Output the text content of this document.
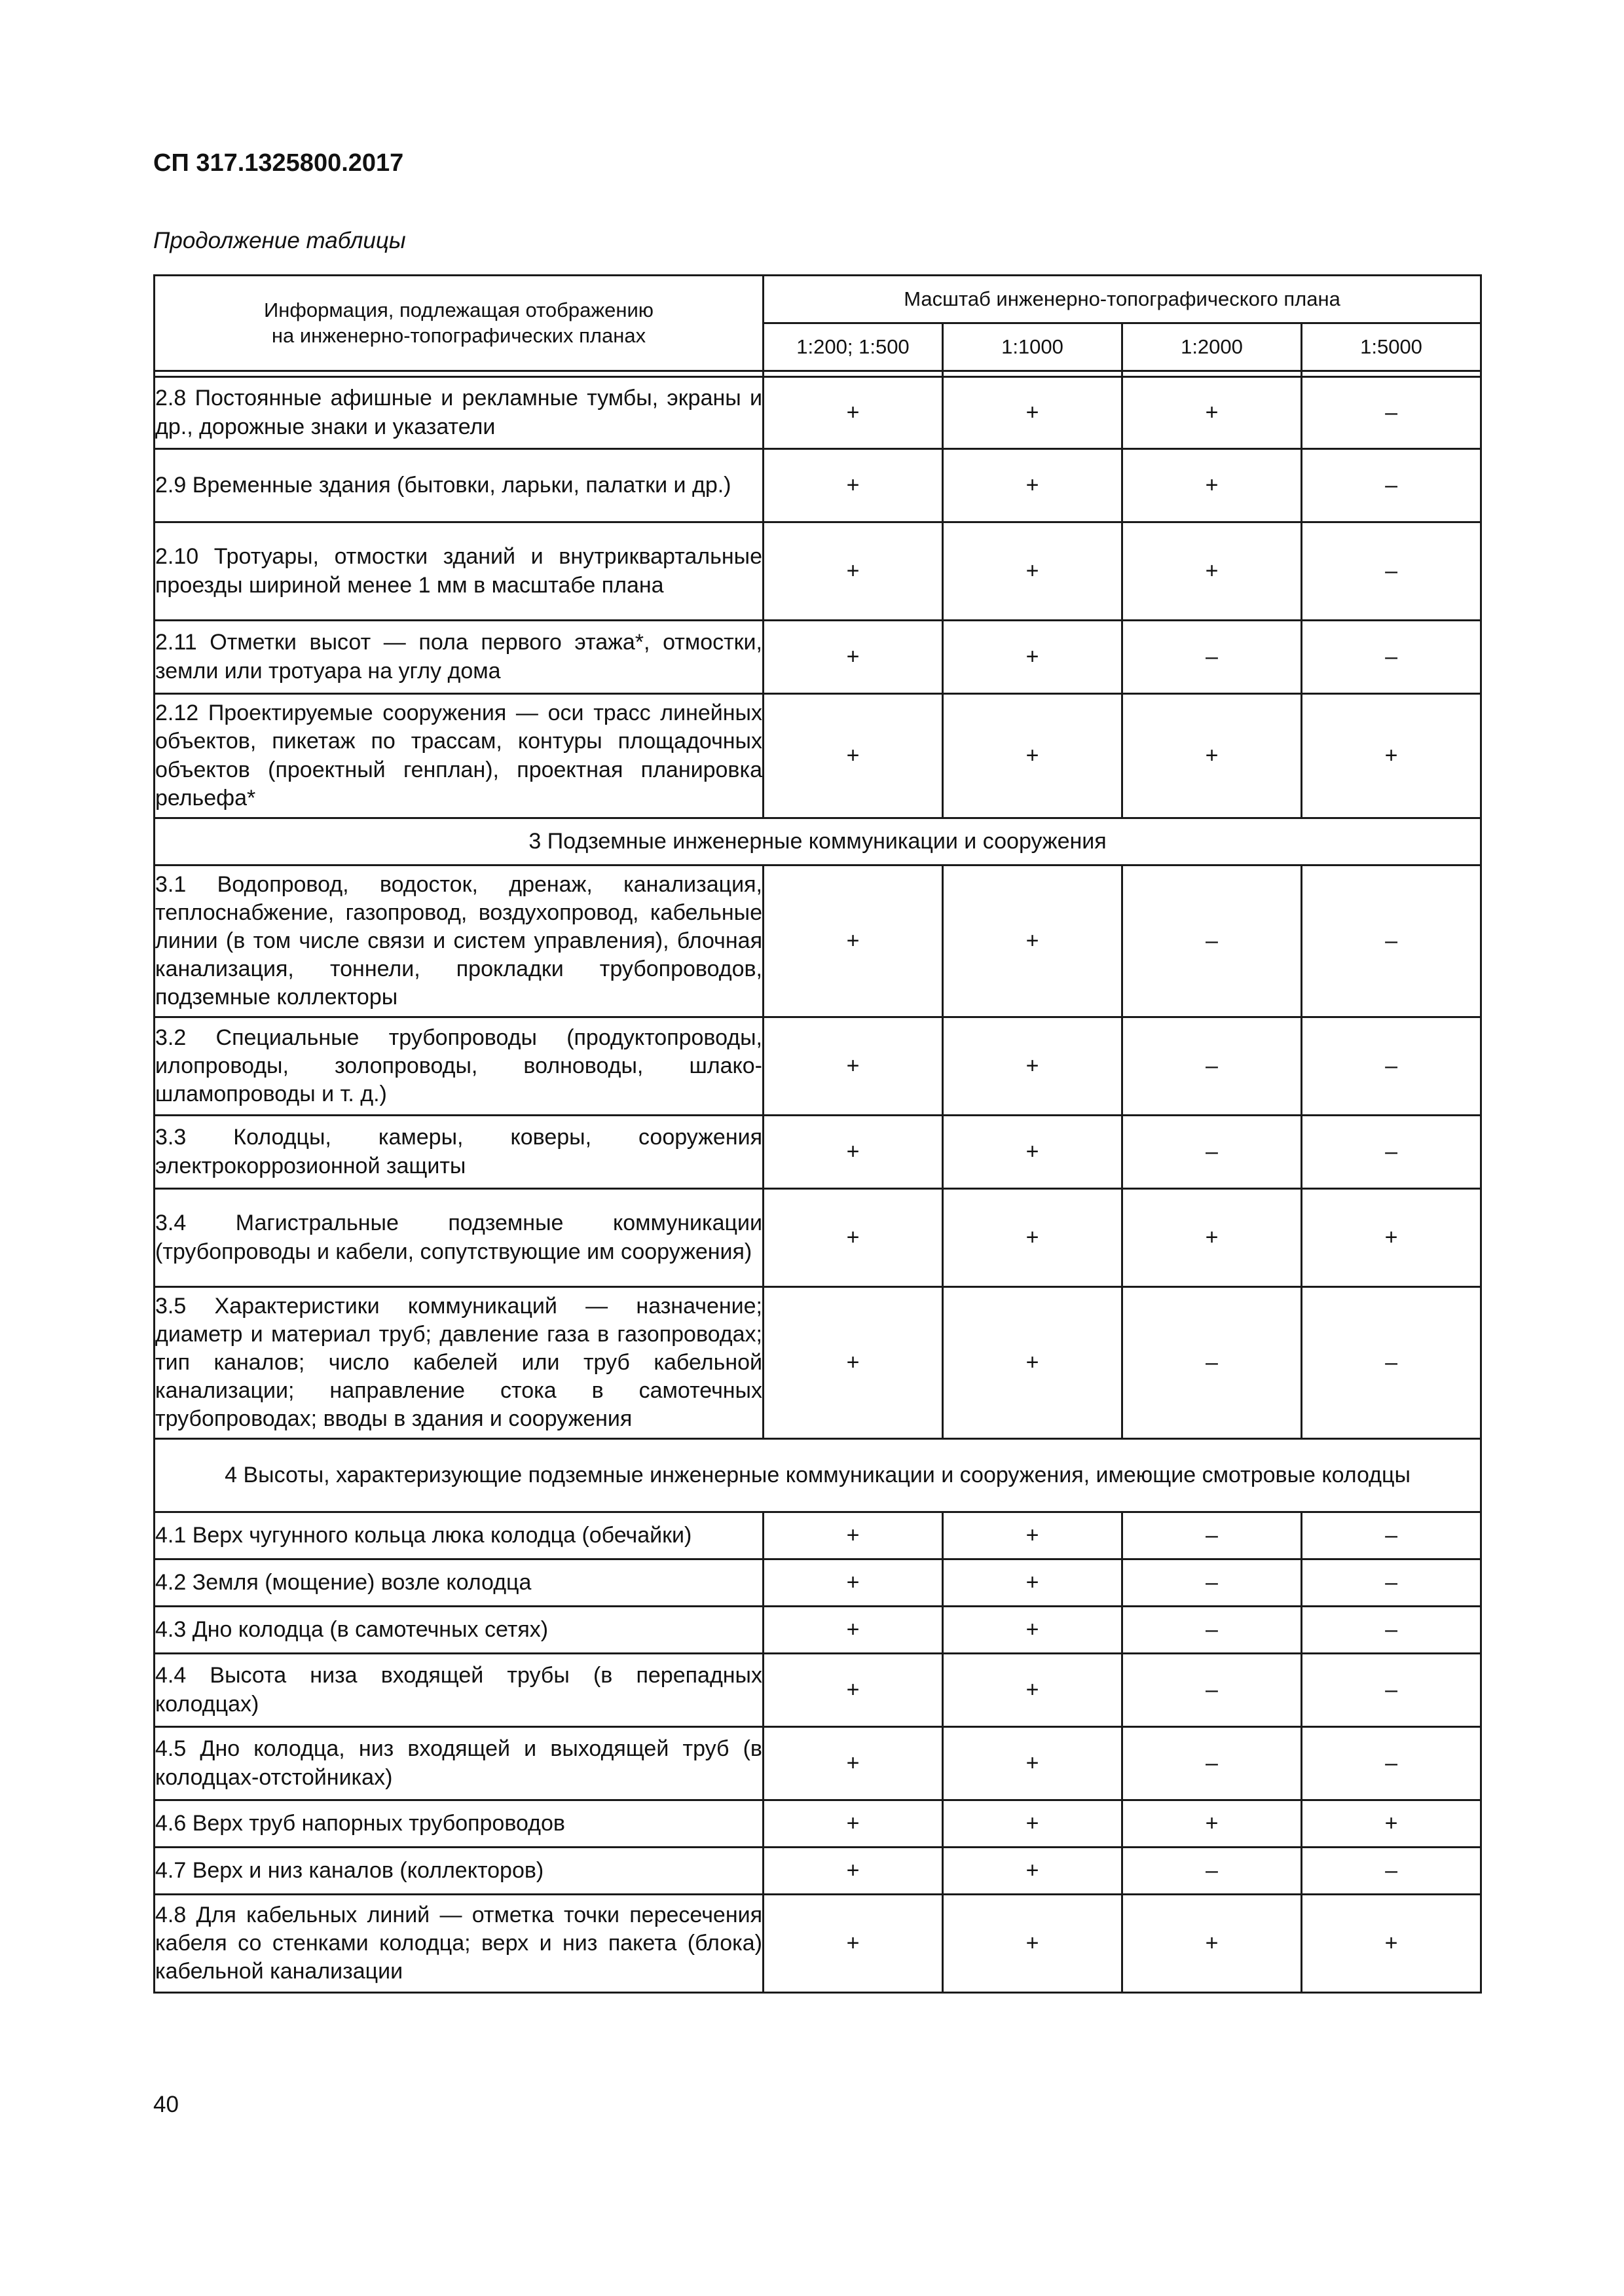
СП 317.1325800.2017

Продолжение таблицы

Информация, подлежащая отображению
на инженерно-топографических планах	Масштаб инженерно-топографического плана			
	1:200; 1:500	1:1000	1:2000	1:5000

2.8 Постоянные афишные и рекламные тумбы, экраны и др., дорожные знаки и указатели	+	+	+	–
2.9 Временные здания (бытовки, ларьки, палатки и др.)	+	+	+	–
2.10 Тротуары, отмостки зданий и внутриквартальные проезды шириной менее 1 мм в масштабе плана	+	+	+	–
2.11 Отметки высот — пола первого этажа*, отмостки, земли или тротуара на углу дома	+	+	–	–
2.12 Проектируемые сооружения — оси трасс линейных объектов, пикетаж по трассам, контуры площадочных объектов (проектный генплан), проектная планировка рельефа*	+	+	+	+
3 Подземные инженерные коммуникации и сооружения				
3.1 Водопровод, водосток, дренаж, канализация, теплоснабжение, газопровод, воздухопровод, кабельные линии (в том числе связи и систем управления), блочная канализация, тоннели, прокладки трубопроводов, подземные коллекторы	+	+	–	–
3.2 Специальные трубопроводы (продуктопроводы, илопроводы, золопроводы, волноводы, шлако-шламопроводы и т. д.)	+	+	–	–
3.3 Колодцы, камеры, коверы, сооружения электрокоррозионной защиты	+	+	–	–
3.4 Магистральные подземные коммуникации (трубопроводы и кабели, сопутствующие им сооружения)	+	+	+	+
3.5 Характеристики коммуникаций — назначение; диаметр и материал труб; давление газа в газопроводах; тип каналов; число кабелей или труб кабельной канализации; направление стока в самотечных трубопроводах; вводы в здания и сооружения	+	+	–	–
4 Высоты, характеризующие подземные инженерные коммуникации и сооружения, имеющие смотровые колодцы				
4.1 Верх чугунного кольца люка колодца (обечайки)	+	+	–	–
4.2 Земля (мощение) возле колодца	+	+	–	–
4.3 Дно колодца (в самотечных сетях)	+	+	–	–
4.4 Высота низа входящей трубы (в перепадных колодцах)	+	+	–	–
4.5 Дно колодца, низ входящей и выходящей труб (в колодцах-отстойниках)	+	+	–	–
4.6 Верх труб напорных трубопроводов	+	+	+	+
4.7 Верх и низ каналов (коллекторов)	+	+	–	–
4.8 Для кабельных линий — отметка точки пересечения кабеля со стенками колодца; верх и низ пакета (блока) кабельной канализации	+	+	+	+

40
